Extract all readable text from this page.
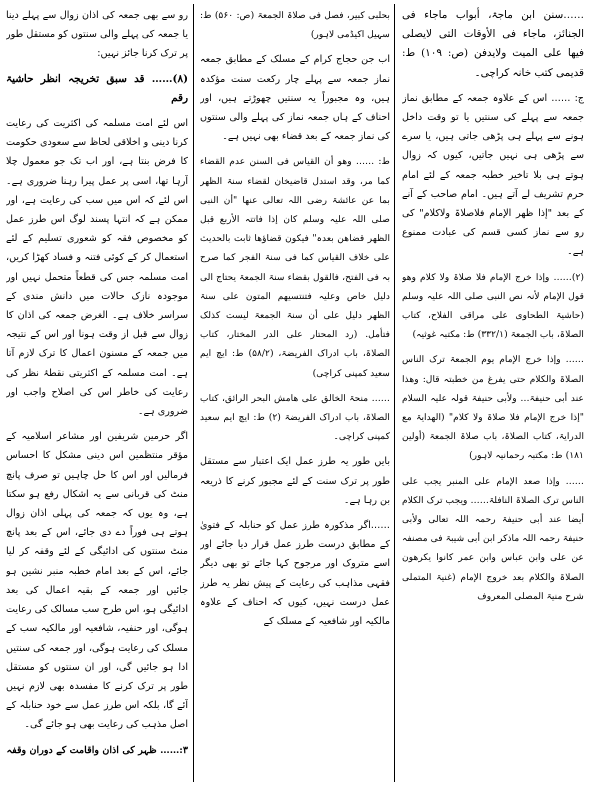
……سنن ابن ماجۃ، أبواب ماجاء فی الجنائز، ماجاء فی الأوقات التی لایصلی فیها علی المیت ولایدفن (ص: ۱۰۹) ط: قدیمی کتب خانہ کراچی۔

ج: …… اس کے علاوہ جمعہ کے مطابق نماز جمعہ سے پہلے کی سنتیں یا تو وقت داخل ہونے سے پہلے ہی پڑھی جاتی ہیں، یا سرے سے پڑھی ہی نہیں جاتیں، کیوں کہ زوال ہوتے ہی بلا تاخیر خطبہ جمعہ کے لئے امام حرم تشریف لے آتے ہیں۔ امام صاحب کے آنے کے بعد "إذا ظھر الإمام فلاصلاۃ ولاکلام" کی رو سے نماز کسی قسم کی عبادت ممنوع ہے۔

(۲)…… وإذا خرج الإمام فلا صلاۃ ولا کلام وھو قول الإمام لأنہ نص النبی صلی اللہ علیہ وسلم (حاشیۃ الطحاوی علی مراقی الفلاح، کتاب الصلاۃ، باب الجمعۃ (۳۳۲/۱) ط: مکتبہ غوثیہ)

…… وإذا خرج الإمام یوم الجمعۃ ترک الناس الصلاۃ والکلام حتی یفرغ من خطبتہ قال: وھذا عند أبی حنیفۃ… ولأبی حنیفۃ قولہ علیہ السلام "إذا خرج الإمام فلا صلاۃ ولا کلام" (الھدایۃ مع الدرایۃ، کتاب الصلاۃ، باب صلاۃ الجمعۃ (أولین ۱۸۱) ط: مکتبہ رحمانیہ لاہور)

…… وإذا صعد الإمام علی المنبر یجب علی الناس ترک الصلاۃ النافلۃ…… ویجب ترک الکلام أیضا عند أبی حنیفۃ رحمہ اللہ تعالی ولأبی حنیفۃ رحمہ اللہ ماذکر ابن أبی شیبۃ فی مصنفہ عن علی وابن عباس وابن عمر کانوا یکرھون الصلاۃ والکلام بعد خروج الإمام (غنیۃ المتملی شرح منیۃ المصلی المعروف

بحلبی کبیر، فصل فی صلاۃ الجمعۃ (ص: ۵۶۰) ط: سہیل اکیڈمی لاہور)

اب جن حجاج کرام کے مسلک کے مطابق جمعہ نماز جمعہ سے پہلے چار رکعت سنت مؤکدہ ہیں، وہ مجبوراً یہ سنتیں چھوڑتے ہیں، اور احناف کے ہاں جمعہ نماز کی پہلے والی سنتوں کی نماز جمعہ کے بعد قضاء بھی نہیں ہے۔

ط: …… وھو أن القیاس فی السنن عدم القضاء کما مر، وقد استدل قاضیخان لقضاء سنۃ الظھر بما عن عائشۃ رضی اللہ تعالی عنھا "أن النبی صلی اللہ علیہ وسلم کان إذا فاتتہ الأربع قبل الظھر قضاھن بعدہ" فیکون قضاؤھا ثابت بالحدیث علی خلاف القیاس کما فی سنۃ الفجر کما صرح بہ فی الفتح، فالقول بقضاء سنۃ الجمعۃ یحتاج الی دلیل خاص وعلیہ فتنتسیھم المتون علی سنۃ الظھر دلیل علی أن سنۃ الجمعۃ لیست کذلک فتأمل. (رد المحتار علی الدر المختار، کتاب الصلاۃ، باب ادراک الفریضۃ، (۵۸/۲) ط: ایچ ایم سعید کمپنی کراچی)

…… منحۃ الخالق علی ھامش البحر الرائق، کتاب الصلاۃ، باب ادراک الفریضۃ (۲) ط: ایچ ایم سعید کمپنی کراچی۔

بایں طور یہ طرز عمل ایک اعتبار سے مستقل طور پر ترک سنت کے لئے مجبور کرنے کا ذریعہ بن رہا ہے۔

……اگر مذکورہ طرز عمل کو حنابلہ کے فتویٰ کے مطابق درست طرز عمل قرار دیا جائے اور اسے متروک اور مرجوح کہا جائے تو بھی دیگر فقہی مذاہب کی رعایت کے پیش نظر یہ طرز عمل درست نہیں، کیوں کہ احناف کے علاوہ مالکیہ اور شافعیہ کے مسلک کے

رو سے بھی جمعہ کی اذان زوال سے پہلے دینا یا جمعہ کی پہلے والی سنتوں کو مستقل طور پر ترک کرنا جائز نہیں:

(۸)…… قد سبق تخریجہ انظر حاشیۃ رقم

اس لئے امت مسلمہ کی اکثریت کی رعایت کرنا دینی و اخلاقی لحاظ سے سعودی حکومت کا فرض بنتا ہے، اور اب تک جو معمول چلا آرہا تھا، اسی پر عمل پیرا رہنا ضروری ہے۔ اس لئے کہ اس میں سب کی رعایت ہے، اور ممکن ہے کہ انتہا پسند لوگ اس طرز عمل کو مخصوص فقہ کو شعوری تسلیم کے لئے استعمال کر کے کوئی فتنہ و فساد کھڑا کریں، امت مسلمہ جس کی قطعاً متحمل نہیں اور موجودہ نازک حالات میں دانش مندی کے سراسر خلاف ہے۔ الغرض جمعہ کی اذان کا زوال سے قبل از وقت ہونا اور اس کے نتیجہ میں جمعہ کے مسنون اعمال کا ترک لازم آتا ہے۔ امت مسلمہ کے اکثریتی نقطۂ نظر کی رعایت کی خاطر اس کی اصلاح واجب اور ضروری ہے۔

اگر حرمین شریفین اور مشاعر اسلامیہ کے مؤقر منتظمین اس دینی مشکل کا احساس فرمالیں اور اس کا حل چاہیں تو صرف پانچ منٹ کی قربانی سے یہ اشکال رفع ہو سکتا ہے، وہ یوں کہ جمعہ کی پہلی اذان زوال ہوتے ہی فوراً دے دی جائے، اس کے بعد پانچ منٹ سنتوں کی ادائیگی کے لئے وقفہ کر لیا جائے، اس کے بعد امام خطبہ منبر نشین ہو جائیں اور جمعہ کے بقیہ اعمال کی بعد ادائیگی ہو، اس طرح سب مسالک کی رعایت ہوگی، اور حنفیہ، شافعیہ اور مالکیہ سب کے مسلک کی رعایت ہوگی، اور جمعہ کی سنتیں ادا ہو جائیں گی، اور ان سنتوں کو مستقل طور پر ترک کرنے کا مفسدہ بھی لازم نہیں آئے گا، بلکہ اس طرز عمل سے خود حنابلہ کے اصل مذہب کی رعایت بھی ہو جائے گی۔

۳:…… ظہر کی اذان واقامت کے دوران وقفہ
